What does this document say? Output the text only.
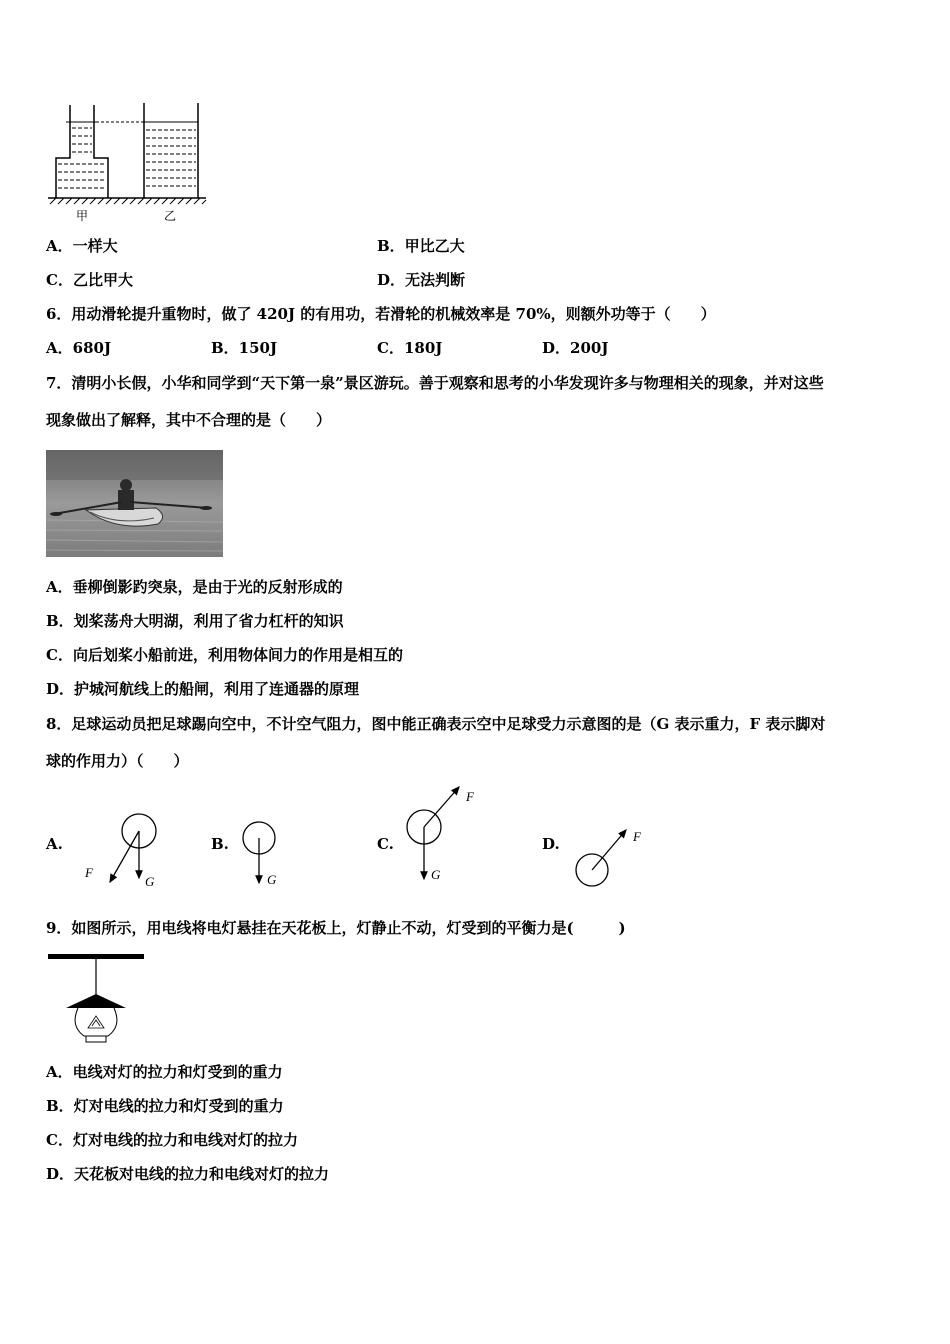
甲	乙
A．一样大	B．甲比乙大
C．乙比甲大	D．无法判断
6．用动滑轮提升重物时，做了 420J 的有用功，若滑轮的机械效率是 70%，则额外功等于（　　）
A．680J	B．150J	C．180J	D．200J
7．清明小长假，小华和同学到“天下第一泉”景区游玩。善于观察和思考的小华发现许多与物理相关的现象，并对这些
现象做出了解释，其中不合理的是（　　）
A．垂柳倒影趵突泉，是由于光的反射形成的
B．划桨荡舟大明湖，利用了省力杠杆的知识
C．向后划桨小船前进，利用物体间力的作用是相互的
D．护城河航线上的船闸，利用了连通器的原理
8．足球运动员把足球踢向空中，不计空气阻力，图中能正确表示空中足球受力示意图的是（G 表示重力，F 表示脚对
球的作用力）（　　）
A.	B.	C.	D.
F
G	G
F
G
F
9．如图所示，用电线将电灯悬挂在天花板上，灯静止不动，灯受到的平衡力是(　　　)
A．电线对灯的拉力和灯受到的重力
B．灯对电线的拉力和灯受到的重力
C．灯对电线的拉力和电线对灯的拉力
D．天花板对电线的拉力和电线对灯的拉力
